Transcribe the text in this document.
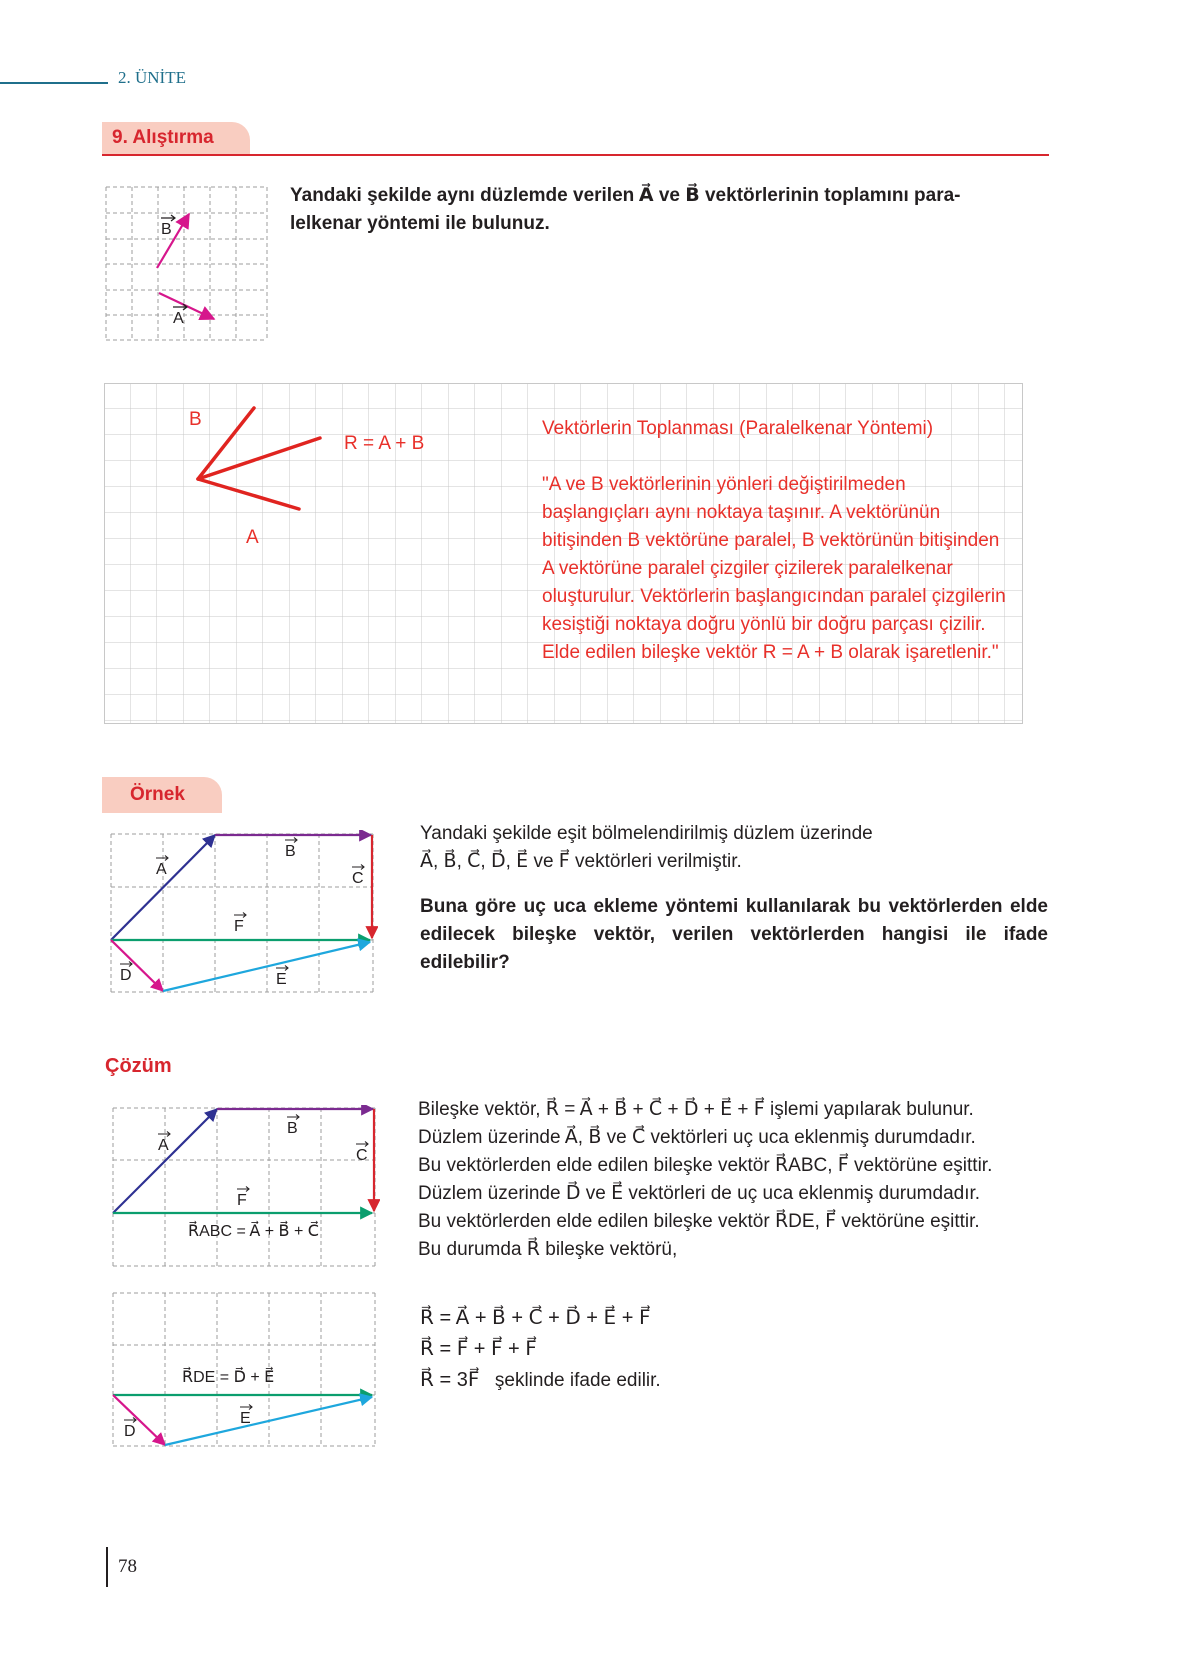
2. ÜNİTE
9. Alıştırma
B
A
Yandaki şekilde aynı düzlemde verilen A⃗ ve B⃗ vektörlerinin toplamını para-
lelkenar yöntemi ile bulunuz.
B
R = A + B
A
Vektörlerin Toplanması (Paralelkenar Yöntemi)
"A ve B vektörlerinin yönleri değiştirilmeden
başlangıçları aynı noktaya taşınır. A vektörünün
bitişinden B vektörüne paralel, B vektörünün bitişinden
A vektörüne paralel çizgiler çizilerek paralelkenar
oluşturulur. Vektörlerin başlangıcından paralel çizgilerin
kesiştiği noktaya doğru yönlü bir doğru parçası çizilir.
Elde edilen bileşke vektör R = A + B olarak işaretlenir."
Örnek
A
B
C
F
D	E
Yandaki şekilde eşit bölmelendirilmiş düzlem üzerinde
A⃗, B⃗, C⃗, D⃗, E⃗ ve F⃗ vektörleri verilmiştir.
Buna göre uç uca ekleme yöntemi kullanılarak bu vektörlerden elde edilecek bileşke vektör, verilen vektörlerden hangisi ile ifade edilebilir?
Çözüm
A
B
C
F
R⃗ABC = A⃗ + B⃗ + C⃗
D
E
R⃗DE = D⃗ + E⃗
Bileşke vektör, R⃗ = A⃗ + B⃗ + C⃗ + D⃗ + E⃗ + F⃗ işlemi yapılarak bulunur.
Düzlem üzerinde A⃗, B⃗ ve C⃗ vektörleri uç uca eklenmiş durumdadır.
Bu vektörlerden elde edilen bileşke vektör R⃗ABC, F⃗ vektörüne eşittir.
Düzlem üzerinde D⃗ ve E⃗ vektörleri de uç uca eklenmiş durumdadır.
Bu vektörlerden elde edilen bileşke vektör R⃗DE, F⃗ vektörüne eşittir.
Bu durumda R⃗ bileşke vektörü,
R⃗ = A⃗ + B⃗ + C⃗ + D⃗ + E⃗ + F⃗
R⃗ = F⃗ + F⃗ + F⃗
R⃗ = 3F⃗ şeklinde ifade edilir.
78
